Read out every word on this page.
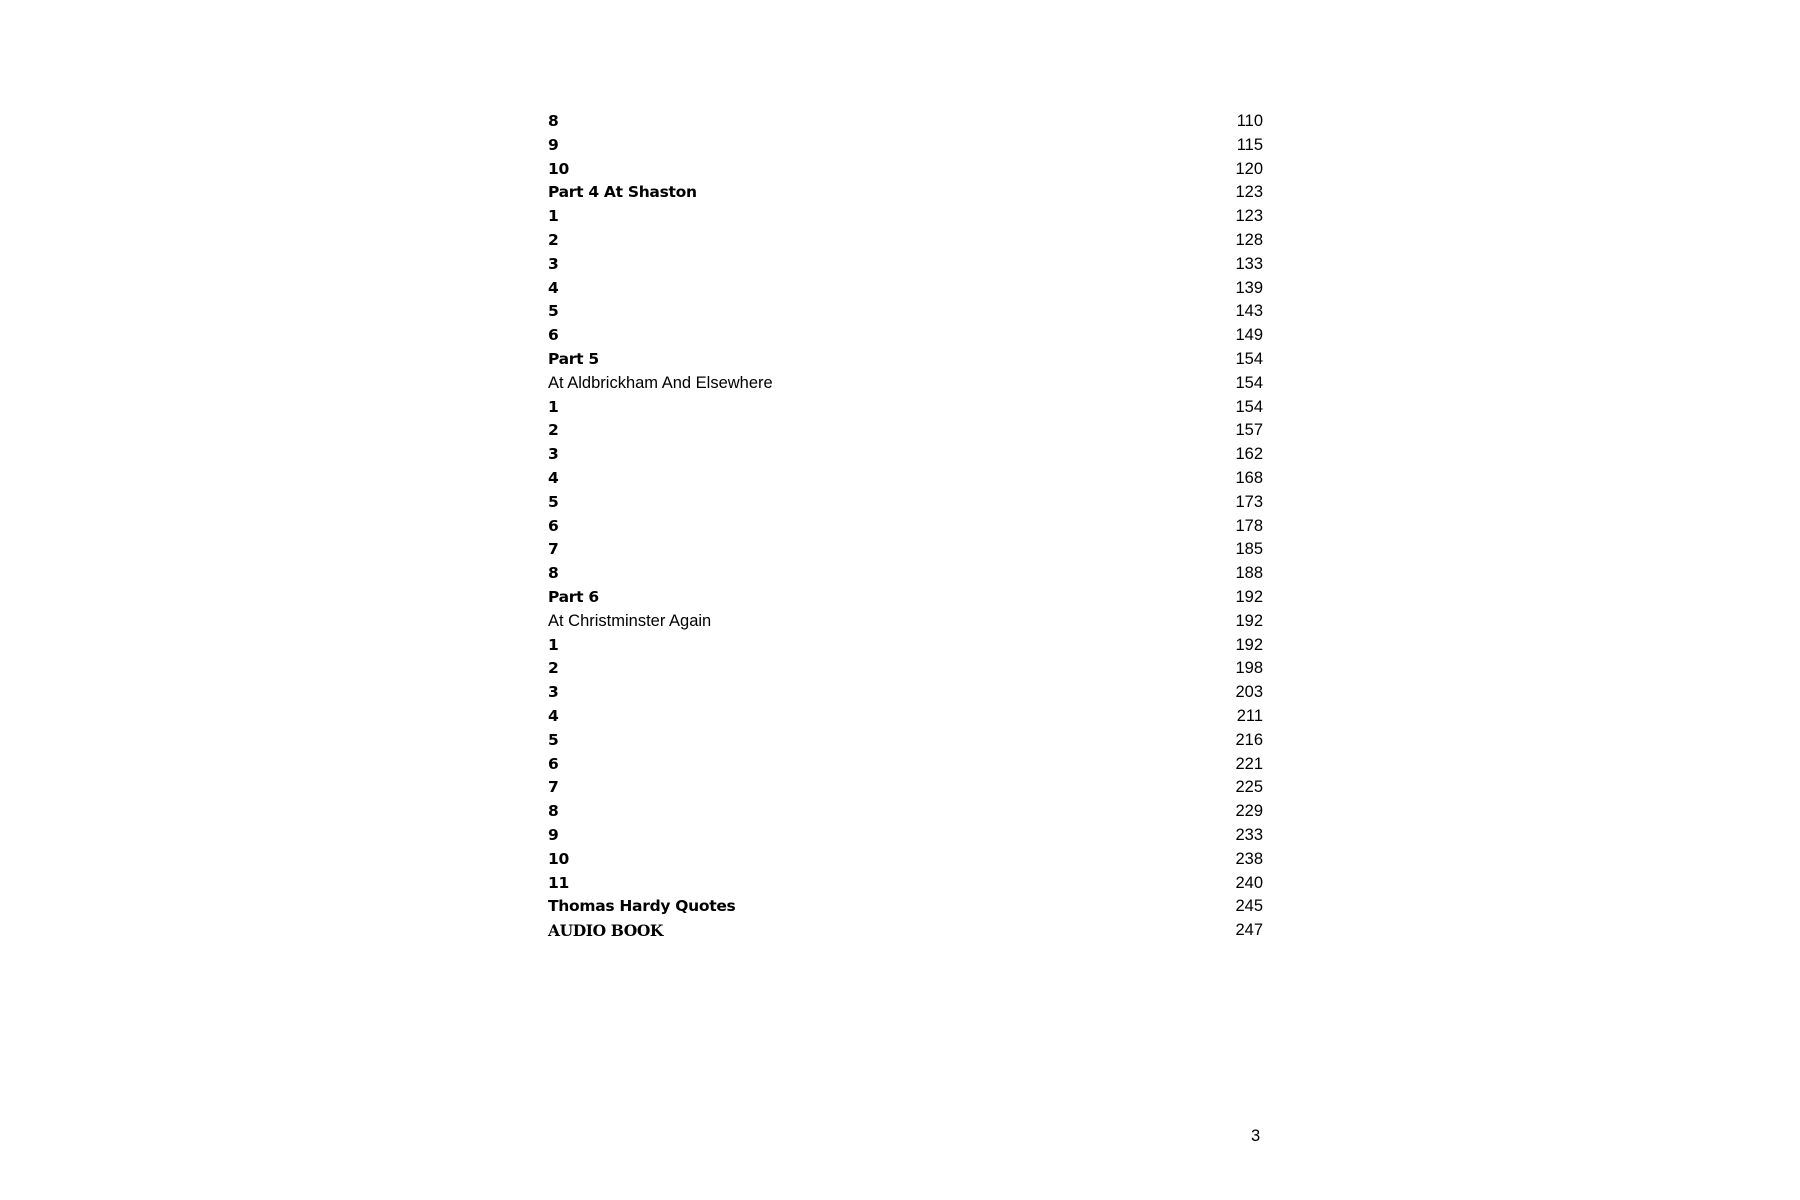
8	110
9	115
10	120
Part 4 At Shaston	123
1	123
2	128
3	133
4	139
5	143
6	149
Part 5	154
At Aldbrickham And Elsewhere	154
1	154
2	157
3	162
4	168
5	173
6	178
7	185
8	188
Part 6	192
At Christminster Again	192
1	192
2	198
3	203
4	211
5	216
6	221
7	225
8	229
9	233
10	238
11	240
Thomas Hardy Quotes	245
AUDIO BOOK	247
3
